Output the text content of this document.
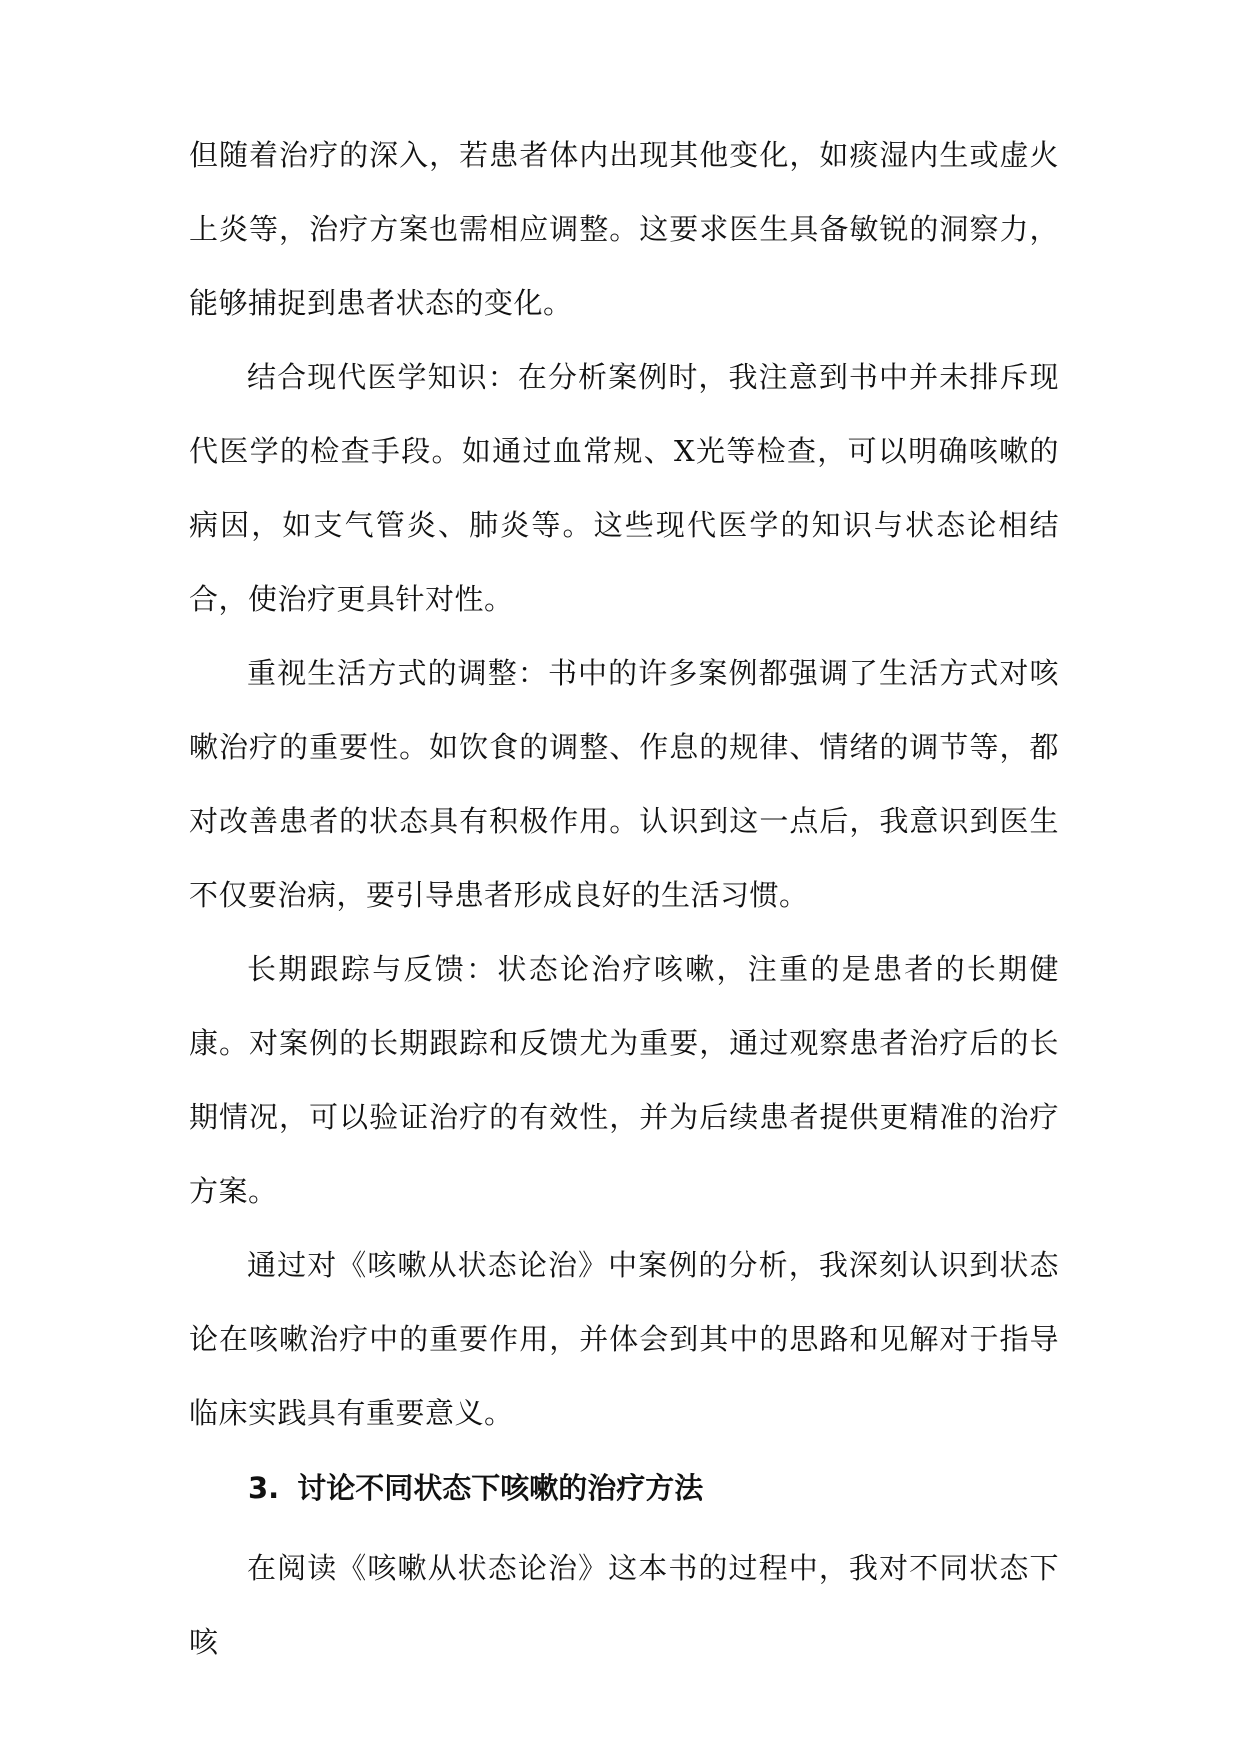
但随着治疗的深入，若患者体内出现其他变化，如痰湿内生或虚火上炎等，治疗方案也需相应调整。这要求医生具备敏锐的洞察力，能够捕捉到患者状态的变化。

结合现代医学知识：在分析案例时，我注意到书中并未排斥现代医学的检查手段。如通过血常规、X光等检查，可以明确咳嗽的病因，如支气管炎、肺炎等。这些现代医学的知识与状态论相结合，使治疗更具针对性。

重视生活方式的调整：书中的许多案例都强调了生活方式对咳嗽治疗的重要性。如饮食的调整、作息的规律、情绪的调节等，都对改善患者的状态具有积极作用。认识到这一点后，我意识到医生不仅要治病，要引导患者形成良好的生活习惯。

长期跟踪与反馈：状态论治疗咳嗽，注重的是患者的长期健康。对案例的长期跟踪和反馈尤为重要，通过观察患者治疗后的长期情况，可以验证治疗的有效性，并为后续患者提供更精准的治疗方案。

通过对《咳嗽从状态论治》中案例的分析，我深刻认识到状态论在咳嗽治疗中的重要作用，并体会到其中的思路和见解对于指导临床实践具有重要意义。

3. 讨论不同状态下咳嗽的治疗方法

在阅读《咳嗽从状态论治》这本书的过程中，我对不同状态下咳
